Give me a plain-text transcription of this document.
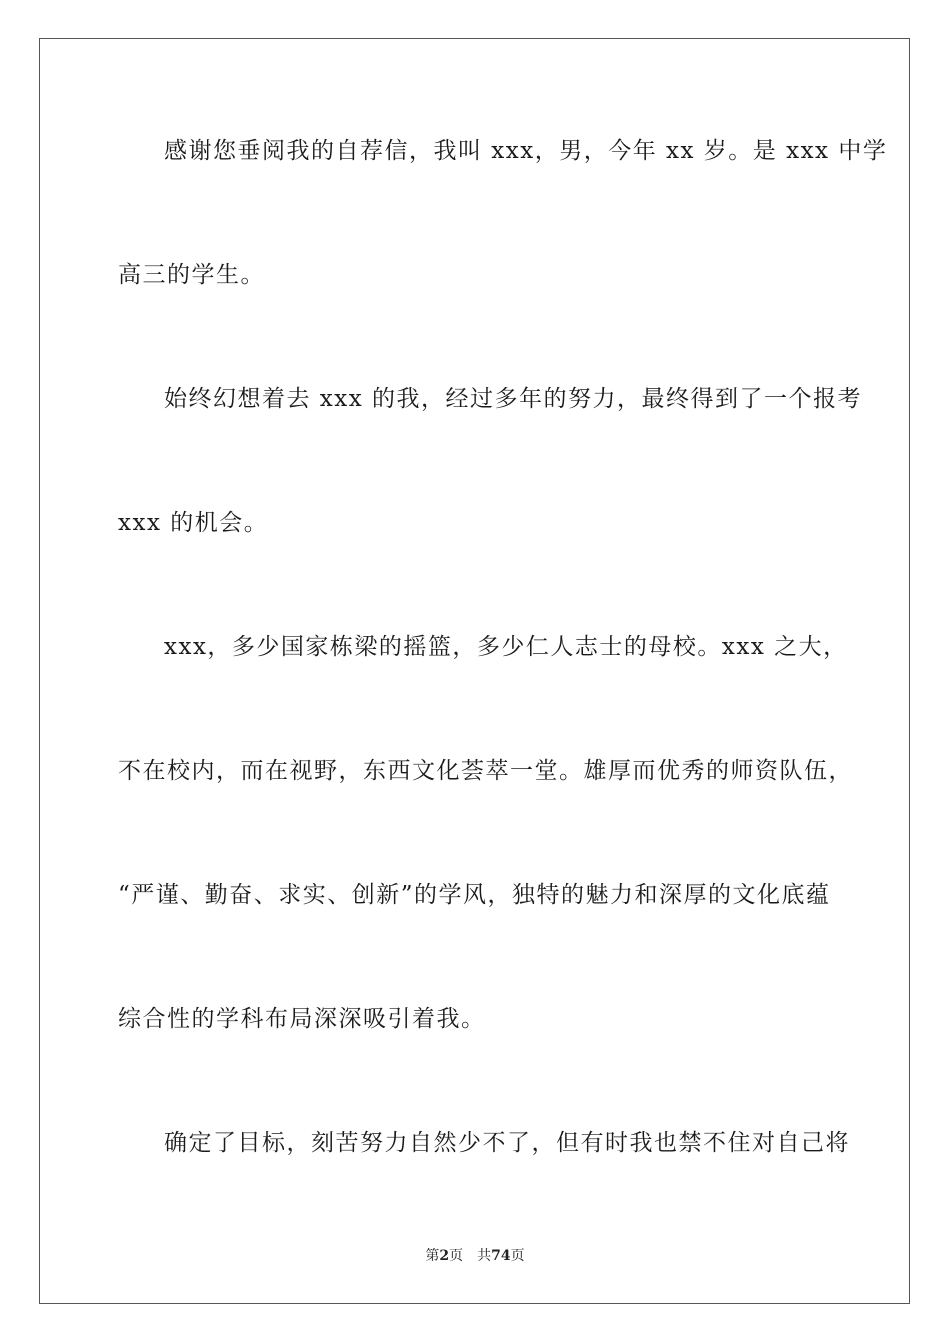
感谢您垂阅我的自荐信，我叫 xxx，男，今年 xx 岁。是 xxx 中学
高三的学生。
始终幻想着去 xxx 的我，经过多年的努力，最终得到了一个报考
xxx 的机会。
xxx，多少国家栋梁的摇篮，多少仁人志士的母校。xxx 之大，
不在校内，而在视野，东西文化荟萃一堂。雄厚而优秀的师资队伍，
“严谨、勤奋、求实、创新”的学风，独特的魅力和深厚的文化底蕴
综合性的学科布局深深吸引着我。
确定了目标，刻苦努力自然少不了，但有时我也禁不住对自己将
第2页 共74页
